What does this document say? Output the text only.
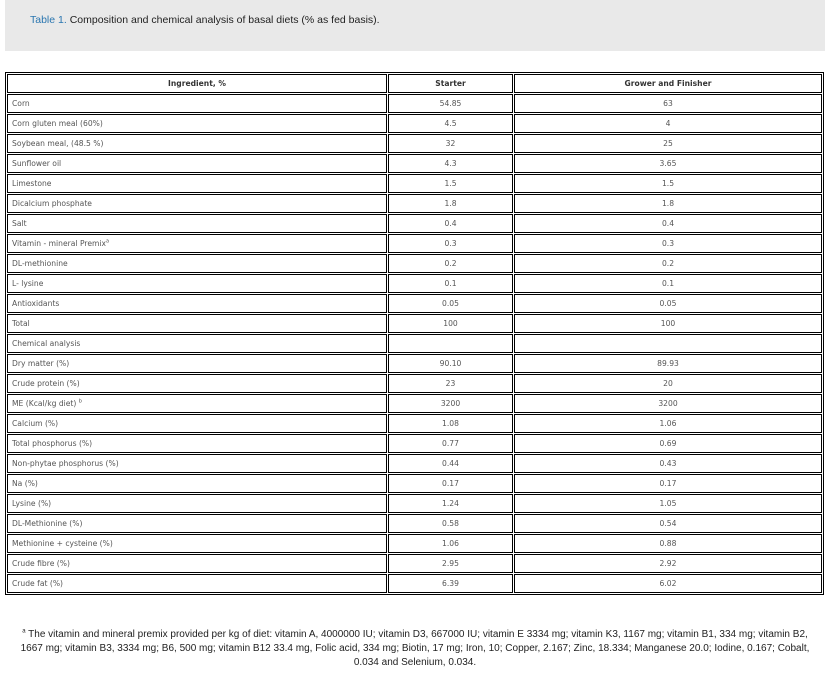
Table 1. Composition and chemical analysis of basal diets (% as fed basis).
Ingredient, %	Starter	Grower and Finisher
Corn	54.85	63
Corn gluten meal (60%)	4.5	4
Soybean meal, (48.5 %)	32	25
Sunflower oil	4.3	3.65
Limestone	1.5	1.5
Dicalcium phosphate	1.8	1.8
Salt	0.4	0.4
Vitamin - mineral Premix$^a$	0.3	0.3
DL-methionine	0.2	0.2
L- lysine	0.1	0.1
Antioxidants	0.05	0.05
Total	100	100
Chemical analysis		
Dry matter (%)	90.10	89.93
Crude protein (%)	23	20
ME (Kcal/kg diet) $^b$	3200	3200
Calcium (%)	1.08	1.06
Total phosphorus (%)	0.77	0.69
Non-phytae phosphorus (%)	0.44	0.43
Na (%)	0.17	0.17
Lysine (%)	1.24	1.05
DL-Methionine (%)	0.58	0.54
Methionine + cysteine (%)	1.06	0.88
Crude fibre (%)	2.95	2.92
Crude fat (%)	6.39	6.02
$^a$ The vitamin and mineral premix provided per kg of diet: vitamin A, 4000000 IU; vitamin D3, 667000 IU; vitamin E 3334 mg; vitamin K3, 1167 mg; vitamin B1, 334 mg; vitamin B2, 1667 mg; vitamin B3, 3334 mg; B6, 500 mg; vitamin B12 33.4 mg, Folic acid, 334 mg; Biotin, 17 mg; Iron, 10; Copper, 2.167; Zinc, 18.334; Manganese 20.0; Iodine, 0.167; Cobalt, 0.034 and Selenium, 0.034.
